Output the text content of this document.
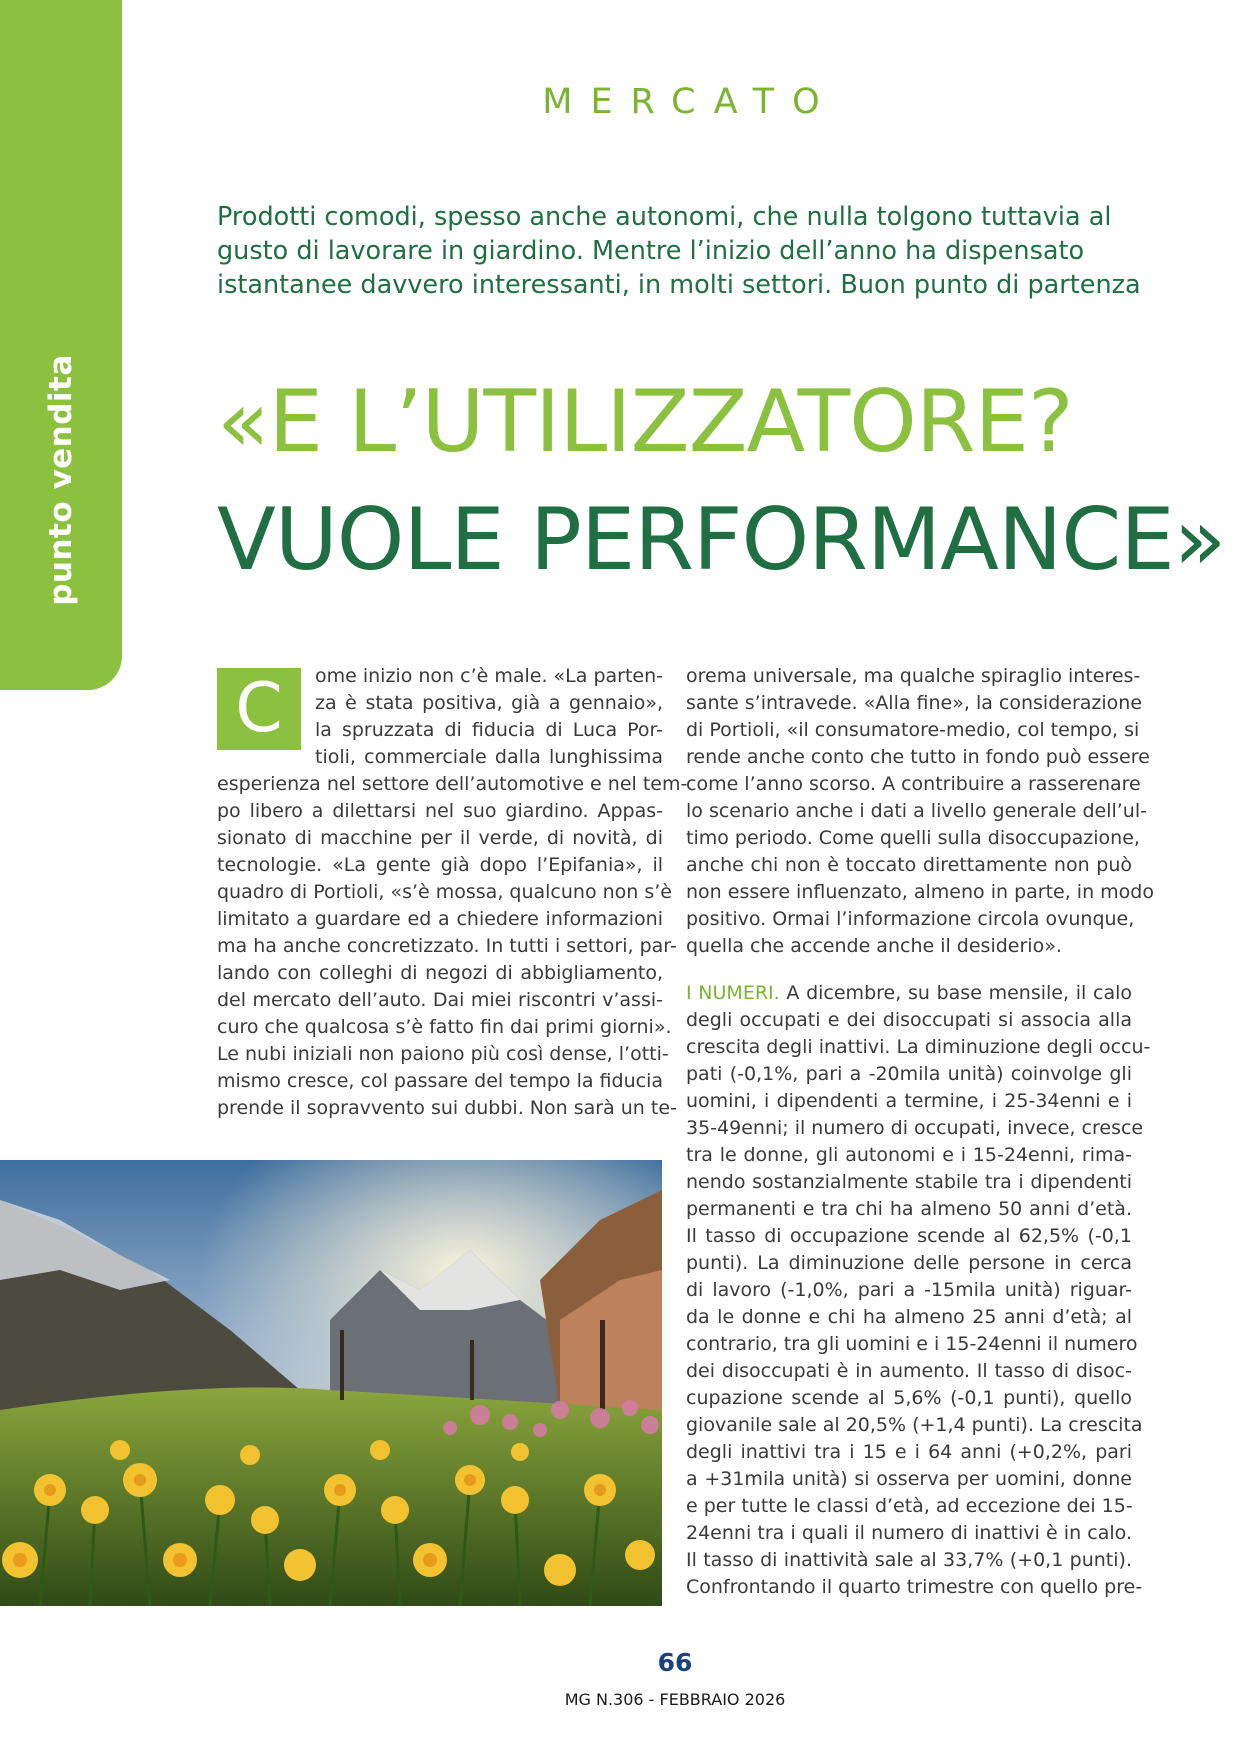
punto vendita
MERCATO
Prodotti comodi, spesso anche autonomi, che nulla tolgono tuttavia al
gusto di lavorare in giardino. Mentre l’inizio dell’anno ha dispensato
istantanee davvero interessanti, in molti settori. Buon punto di partenza
«E L’UTILIZZATORE?
VUOLE PERFORMANCE»
C	ome inizio non c’è male. «La parten-
za è stata positiva, già a gennaio»,
la spruzzata di fiducia di Luca Por-
tioli, commerciale dalla lunghissima
esperienza nel settore dell’automotive e nel tem-
po libero a dilettarsi nel suo giardino. Appas-
sionato di macchine per il verde, di novità, di
tecnologie. «La gente già dopo l’Epifania», il
quadro di Portioli, «s’è mossa, qualcuno non s’è
limitato a guardare ed a chiedere informazioni
ma ha anche concretizzato. In tutti i settori, par-
lando con colleghi di negozi di abbigliamento,
del mercato dell’auto. Dai miei riscontri v’assi-
curo che qualcosa s’è fatto fin dai primi giorni».
Le nubi iniziali non paiono più così dense, l’otti-
mismo cresce, col passare del tempo la fiducia
prende il sopravvento sui dubbi. Non sarà un te-
orema universale, ma qualche spiraglio interes-
sante s’intravede. «Alla fine», la considerazione
di Portioli, «il consumatore-medio, col tempo, si
rende anche conto che tutto in fondo può essere
come l’anno scorso. A contribuire a rasserenare
lo scenario anche i dati a livello generale dell’ul-
timo periodo. Come quelli sulla disoccupazione,
anche chi non è toccato direttamente non può
non essere influenzato, almeno in parte, in modo
positivo. Ormai l’informazione circola ovunque,
quella che accende anche il desiderio».
I NUMERI. A dicembre, su base mensile, il calo
degli occupati e dei disoccupati si associa alla
crescita degli inattivi. La diminuzione degli occu-
pati (-0,1%, pari a -20mila unità) coinvolge gli
uomini, i dipendenti a termine, i 25-34enni e i
35-49enni; il numero di occupati, invece, cresce
tra le donne, gli autonomi e i 15-24enni, rima-
nendo sostanzialmente stabile tra i dipendenti
permanenti e tra chi ha almeno 50 anni d’età.
Il tasso di occupazione scende al 62,5% (-0,1
punti). La diminuzione delle persone in cerca
di lavoro (-1,0%, pari a -15mila unità) riguar-
da le donne e chi ha almeno 25 anni d’età; al
contrario, tra gli uomini e i 15-24enni il numero
dei disoccupati è in aumento. Il tasso di disoc-
cupazione scende al 5,6% (-0,1 punti), quello
giovanile sale al 20,5% (+1,4 punti). La crescita
degli inattivi tra i 15 e i 64 anni (+0,2%, pari
a +31mila unità) si osserva per uomini, donne
e per tutte le classi d’età, ad eccezione dei 15-
24enni tra i quali il numero di inattivi è in calo.
Il tasso di inattività sale al 33,7% (+0,1 punti).
Confrontando il quarto trimestre con quello pre-
66
MG N.306 - FEBBRAIO 2026
